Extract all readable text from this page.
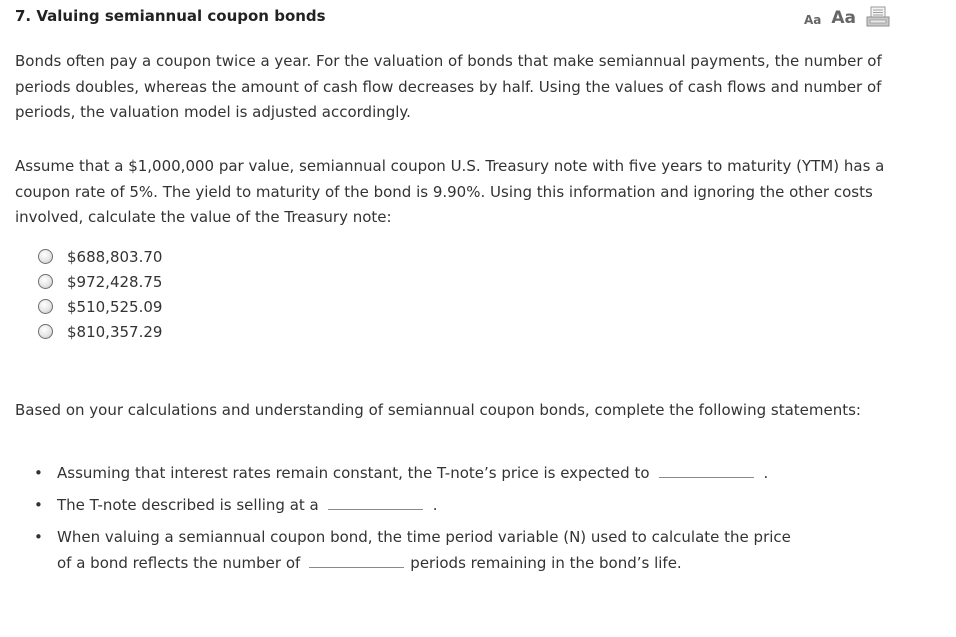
7. Valuing semiannual coupon bonds	Aa Aa

Bonds often pay a coupon twice a year. For the valuation of bonds that make semiannual payments, the number of periods doubles, whereas the amount of cash flow decreases by half. Using the values of cash flows and number of periods, the valuation model is adjusted accordingly.

Assume that a $1,000,000 par value, semiannual coupon U.S. Treasury note with five years to maturity (YTM) has a coupon rate of 5%. The yield to maturity of the bond is 9.90%. Using this information and ignoring the other costs involved, calculate the value of the Treasury note:

$688,803.70
$972,428.75
$510,525.09
$810,357.29

Based on your calculations and understanding of semiannual coupon bonds, complete the following statements:

• Assuming that interest rates remain constant, the T-note’s price is expected to	.
• The T-note described is selling at a	.
• When valuing a semiannual coupon bond, the time period variable (N) used to calculate the price
of a bond reflects the number of	periods remaining in the bond’s life.
